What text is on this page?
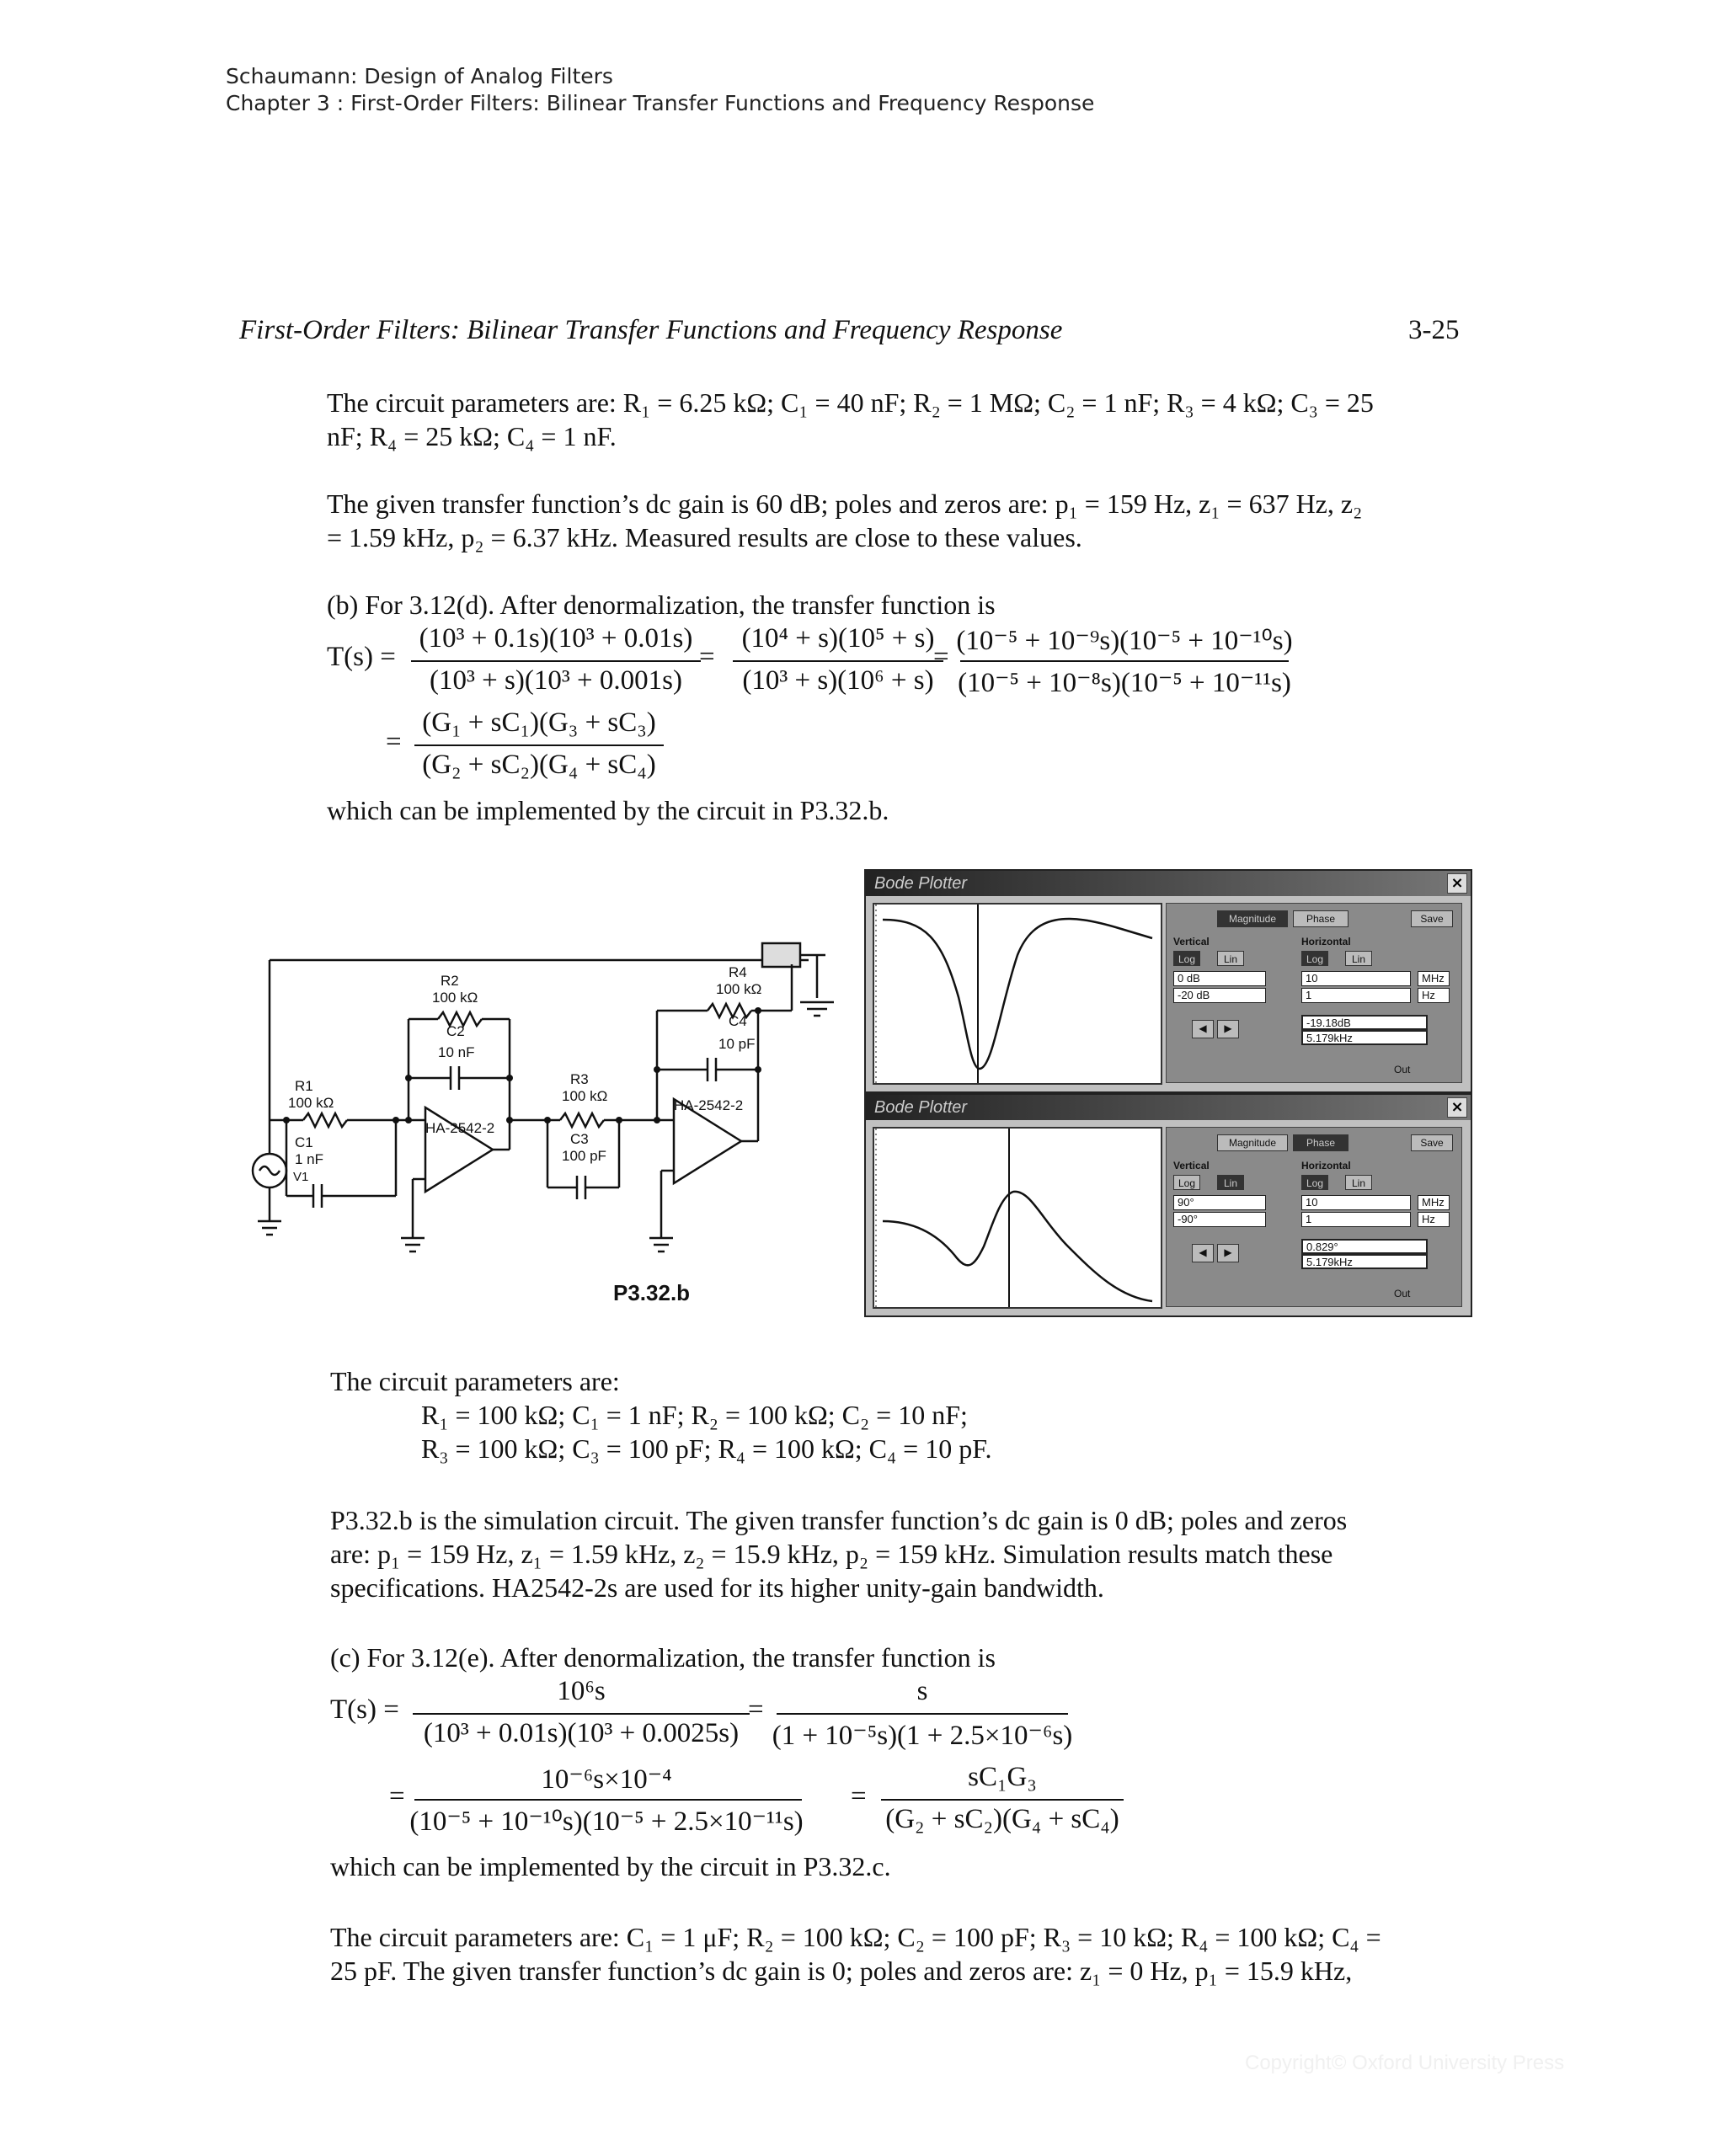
Schaumann: Design of Analog Filters
Chapter 3 : First-Order Filters: Bilinear Transfer Functions and Frequency Response
First-Order Filters: Bilinear Transfer Functions and Frequency Response	3-25
The circuit parameters are: R₁ = 6.25 kΩ; C₁ = 40 nF; R₂ = 1 MΩ; C₂ = 1 nF; R₃ = 4 kΩ; C₃ = 25
nF; R₄ = 25 kΩ; C₄ = 1 nF.
The given transfer function’s dc gain is 60 dB; poles and zeros are: p₁ = 159 Hz, z₁ = 637 Hz, z₂
= 1.59 kHz, p₂ = 6.37 kHz. Measured results are close to these values.
(b) For 3.12(d). After denormalization, the transfer function is
T(s) =
(10³ + 0.1s)(10³ + 0.01s)
(10³ + s)(10³ + 0.001s)
=
(10⁴ + s)(10⁵ + s)
(10³ + s)(10⁶ + s)
=
(10⁻⁵ + 10⁻⁹s)(10⁻⁵ + 10⁻¹⁰s)
(10⁻⁵ + 10⁻⁸s)(10⁻⁵ + 10⁻¹¹s)
=
(G₁ + sC₁)(G₃ + sC₃)
(G₂ + sC₂)(G₄ + sC₄)
which can be implemented by the circuit in P3.32.b.
R1
100 kΩ
C1
1 nF
V1
R2
100 kΩ
C2
10 nF
HA-2542-2
R3
100 kΩ
C3
100 pF
R4
100 kΩ
C4
10 pF
HA-2542-2
P3.32.b
Bode Plotter	×
Magnitude	Phase	Save
Vertical	Horizontal
Log	Lin	Log	Lin
0 dB
-20 dB
10	MHz
1	Hz
◀	▶	-19.18dB
5.179kHz
Out
Bode Plotter	×
Magnitude	Phase	Save
Vertical	Horizontal
Log	Lin	Log	Lin
90°
-90°
10	MHz
1	Hz
◀	▶	0.829°
5.179kHz
Out
The circuit parameters are:
R₁ = 100 kΩ; C₁ = 1 nF; R₂ = 100 kΩ; C₂ = 10 nF;
R₃ = 100 kΩ; C₃ = 100 pF; R₄ = 100 kΩ; C₄ = 10 pF.
P3.32.b is the simulation circuit. The given transfer function’s dc gain is 0 dB; poles and zeros
are: p₁ = 159 Hz, z₁ = 1.59 kHz, z₂ = 15.9 kHz, p₂ = 159 kHz. Simulation results match these
specifications. HA2542-2s are used for its higher unity-gain bandwidth.
(c) For 3.12(e). After denormalization, the transfer function is
T(s) =
10⁶s
(10³ + 0.01s)(10³ + 0.0025s)
=
s
(1 + 10⁻⁵s)(1 + 2.5×10⁻⁶s)
=
10⁻⁶s×10⁻⁴
(10⁻⁵ + 10⁻¹⁰s)(10⁻⁵ + 2.5×10⁻¹¹s)
=
sC₁G₃
(G₂ + sC₂)(G₄ + sC₄)
which can be implemented by the circuit in P3.32.c.
The circuit parameters are: C₁ = 1 μF; R₂ = 100 kΩ; C₂ = 100 pF; R₃ = 10 kΩ; R₄ = 100 kΩ; C₄ =
25 pF. The given transfer function’s dc gain is 0; poles and zeros are: z₁ = 0 Hz, p₁ = 15.9 kHz,
Copyright© Oxford University Press
